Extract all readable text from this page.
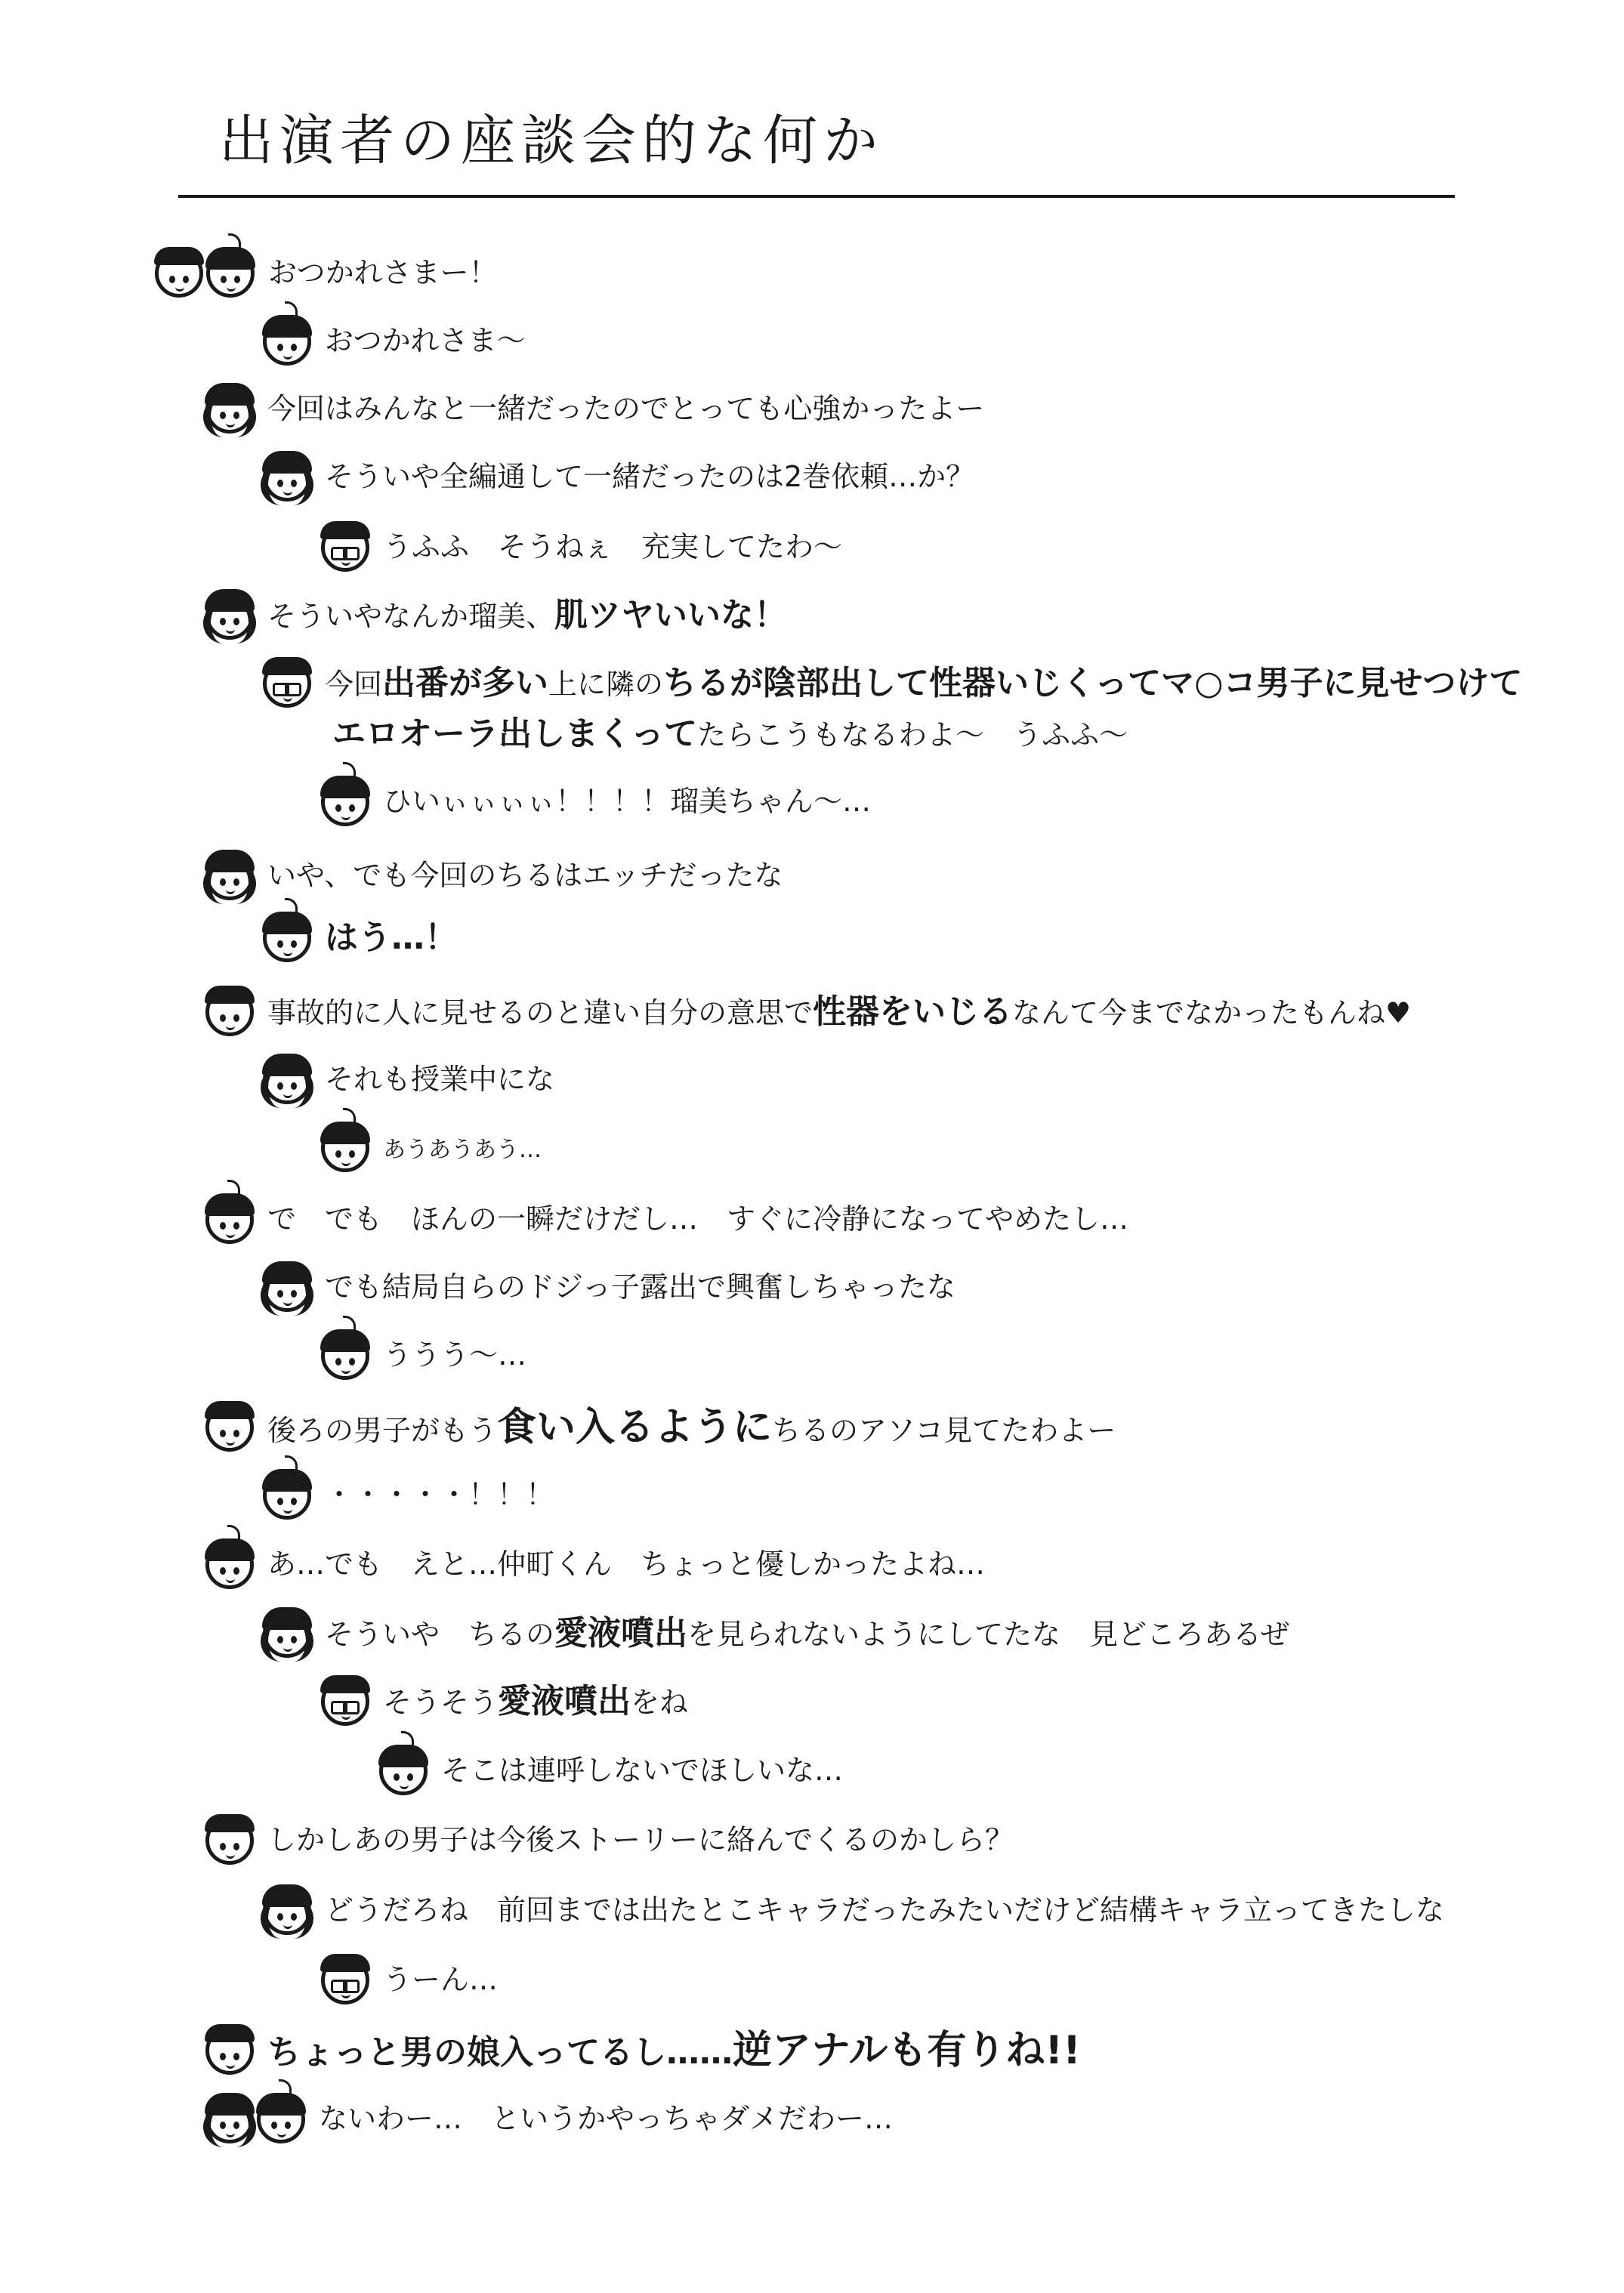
出演者の座談会的な何か
おつかれさまー！
おつかれさま～
今回はみんなと一緒だったのでとっても心強かったよー
そういや全編通して一緒だったのは2巻依頼…か？
うふふ　そうねぇ　充実してたわ～
そういやなんか瑠美、肌ツヤいいな！
今回出番が多い上に隣のちるが陰部出して性器いじくってマ○コ男子に見せつけて
エロオーラ出しまくってたらこうもなるわよ～　うふふ～
ひいぃぃぃぃ！！！！瑠美ちゃん～…
いや、でも今回のちるはエッチだったな
はう…！
事故的に人に見せるのと違い自分の意思で性器をいじるなんて今までなかったもんね♥
それも授業中にな
あうあうあう…
で　でも　ほんの一瞬だけだし…　すぐに冷静になってやめたし…
でも結局自らのドジっ子露出で興奮しちゃったな
ううう～…
後ろの男子がもう食い入るようにちるのアソコ見てたわよー
・・・・・！！！
あ…でも　えと…仲町くん　ちょっと優しかったよね…
そういや　ちるの愛液噴出を見られないようにしてたな　見どころあるぜ
そうそう愛液噴出をね
そこは連呼しないでほしいな…
しかしあの男子は今後ストーリーに絡んでくるのかしら？
どうだろね　前回までは出たとこキャラだったみたいだけど結構キャラ立ってきたしな
うーん…
ちょっと男の娘入ってるし……逆アナルも有りね!!
ないわー…　というかやっちゃダメだわー…
